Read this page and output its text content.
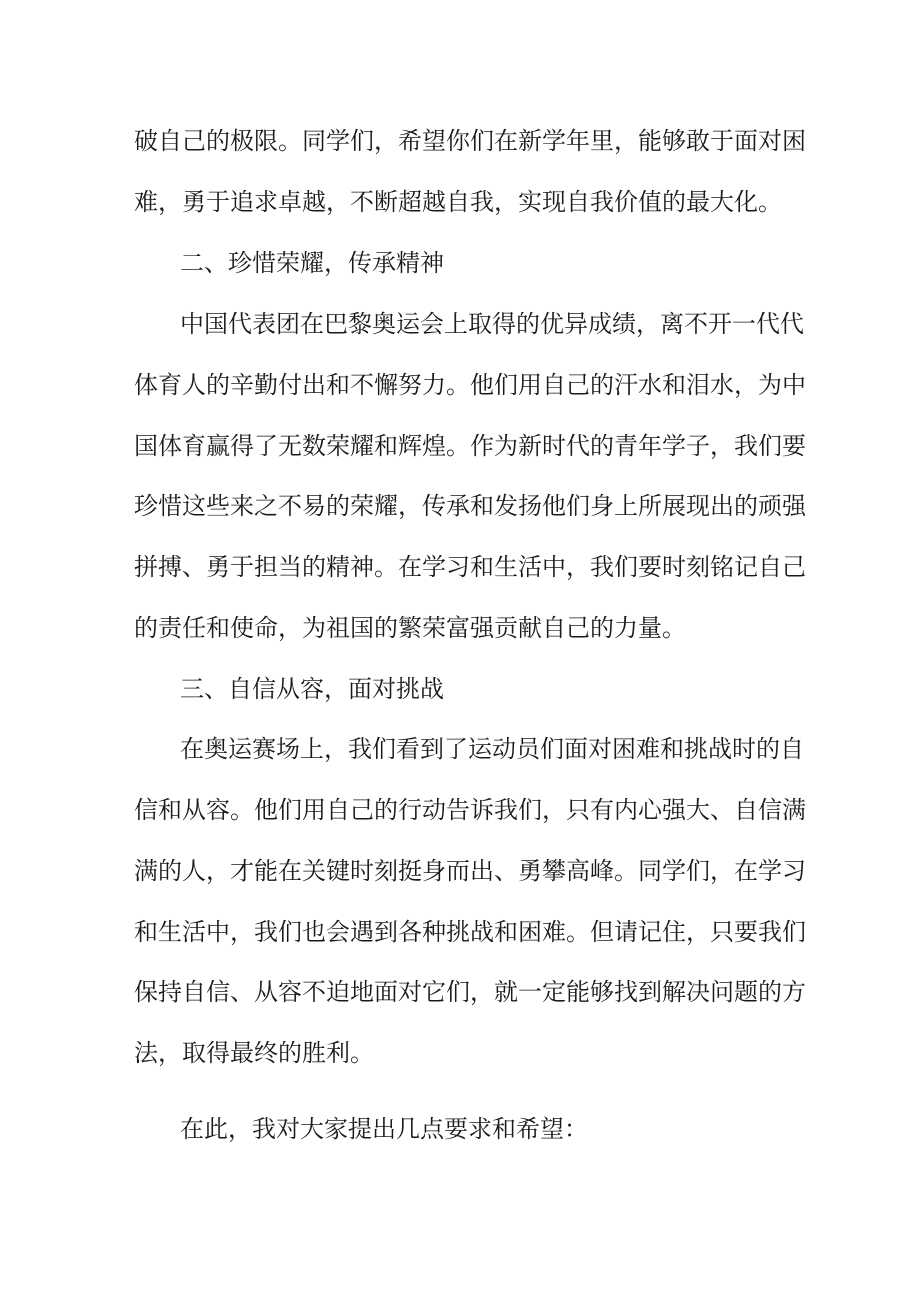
破自己的极限。同学们，希望你们在新学年里，能够敢于面对困
难，勇于追求卓越，不断超越自我，实现自我价值的最大化。
二、珍惜荣耀，传承精神
中国代表团在巴黎奥运会上取得的优异成绩，离不开一代代
体育人的辛勤付出和不懈努力。他们用自己的汗水和泪水，为中
国体育赢得了无数荣耀和辉煌。作为新时代的青年学子，我们要
珍惜这些来之不易的荣耀，传承和发扬他们身上所展现出的顽强
拼搏、勇于担当的精神。在学习和生活中，我们要时刻铭记自己
的责任和使命，为祖国的繁荣富强贡献自己的力量。
三、自信从容，面对挑战
在奥运赛场上，我们看到了运动员们面对困难和挑战时的自
信和从容。他们用自己的行动告诉我们，只有内心强大、自信满
满的人，才能在关键时刻挺身而出、勇攀高峰。同学们，在学习
和生活中，我们也会遇到各种挑战和困难。但请记住，只要我们
保持自信、从容不迫地面对它们，就一定能够找到解决问题的方
法，取得最终的胜利。
在此，我对大家提出几点要求和希望：
